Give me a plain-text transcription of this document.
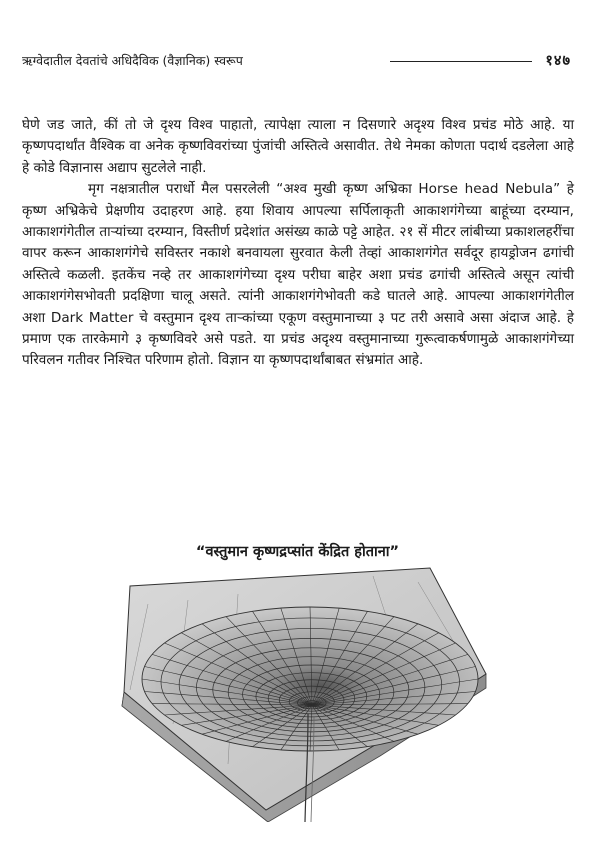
ऋग्वेदातील देवतांचे अधिदैविक (वैज्ञानिक) स्वरूप	१४७

घेणे जड जाते, कीं तो जे दृश्य विश्व पाहातो, त्यापेक्षा त्याला न दिसणारे अदृश्य विश्व प्रचंड मोठे आहे. या कृष्णपदार्थांत वैश्विक वा अनेक कृष्णविवरांच्या पुंजांची अस्तित्वे असावीत. तेथे नेमका कोणता पदार्थ दडलेला आहे हे कोडे विज्ञानास अद्याप सुटलेले नाही.

मृग नक्षत्रातील परार्धो मैल पसरलेली “अश्व मुखी कृष्ण अभ्रिका Horse head Nebula” हे कृष्ण अभ्रिकेचे प्रेक्षणीय उदाहरण आहे. हया शिवाय आपल्या सर्पिलाकृती आकाशगंगेच्या बाहूंच्या दरम्यान, आकाशगंगेतील ताऱ्यांच्या दरम्यान, विस्तीर्ण प्रदेशांत असंख्य काळे पट्टे आहेत. २१ सें मीटर लांबीच्या प्रकाशलहरींचा वापर करून आकाशगंगेचे सविस्तर नकाशे बनवायला सुरवात केली तेव्हां आकाशगंगेत सर्वदूर हायड्रोजन ढगांची अस्तित्वे कळली. इतकेंच नव्हे तर आकाशगंगेच्या दृश्य परीघा बाहेर अशा प्रचंड ढगांची अस्तित्वे असून त्यांची आकाशगंगेसभोवती प्रदक्षिणा चालू असते. त्यांनी आकाशगंगेभोवती कडे घातले आहे. आपल्या आकाशगंगेतील अशा Dark Matter चे वस्तुमान दृश्य ताऱ्कांच्या एकूण वस्तुमानाच्या ३ पट तरी असावे असा अंदाज आहे. हे प्रमाण एक तारकेमागे ३ कृष्णविवरे असे पडते. या प्रचंड अदृश्य वस्तुमानाच्या गुरूत्वाकर्षणामुळे आकाशगंगेच्या परिवलन गतीवर निश्चित परिणाम होतो. विज्ञान या कृष्णपदार्थांबाबत संभ्रमांत आहे.

“वस्तुमान कृष्णद्रप्सांत केंद्रित होताना”
